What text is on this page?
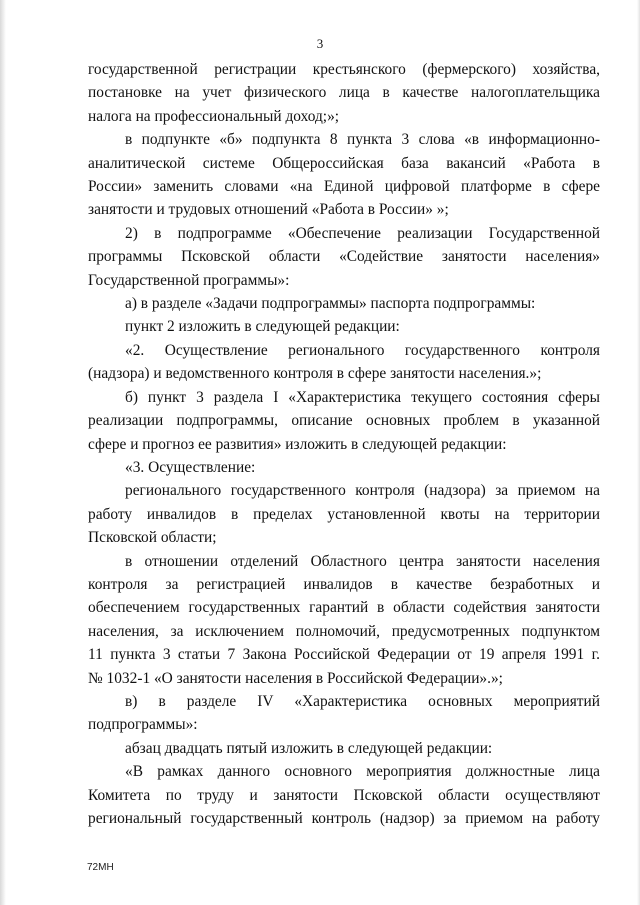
3
государственной регистрации крестьянского (фермерского) хозяйства,
постановке на учет физического лица в качестве налогоплательщика
налога на профессиональный доход;»;
в подпункте «б» подпункта 8 пункта 3 слова «в информационно-
аналитической системе Общероссийская база вакансий «Работа в
России» заменить словами «на Единой цифровой платформе в сфере
занятости и трудовых отношений «Работа в России» »;
2) в подпрограмме «Обеспечение реализации Государственной
программы Псковской области «Содействие занятости населения»
Государственной программы»:
а) в разделе «Задачи подпрограммы» паспорта подпрограммы:
пункт 2 изложить в следующей редакции:
«2. Осуществление регионального государственного контроля
(надзора) и ведомственного контроля в сфере занятости населения.»;
б) пункт 3 раздела I «Характеристика текущего состояния сферы
реализации подпрограммы, описание основных проблем в указанной
сфере и прогноз ее развития» изложить в следующей редакции:
«3. Осуществление:
регионального государственного контроля (надзора) за приемом на
работу инвалидов в пределах установленной квоты на территории
Псковской области;
в отношении отделений Областного центра занятости населения
контроля за регистрацией инвалидов в качестве безработных и
обеспечением государственных гарантий в области содействия занятости
населения, за исключением полномочий, предусмотренных подпунктом
11 пункта 3 статьи 7 Закона Российской Федерации от 19 апреля 1991 г.
№ 1032-1 «О занятости населения в Российской Федерации».»;
в) в разделе IV «Характеристика основных мероприятий
подпрограммы»:
абзац двадцать пятый изложить в следующей редакции:
«В рамках данного основного мероприятия должностные лица
Комитета по труду и занятости Псковской области осуществляют
региональный государственный контроль (надзор) за приемом на работу
72МН
